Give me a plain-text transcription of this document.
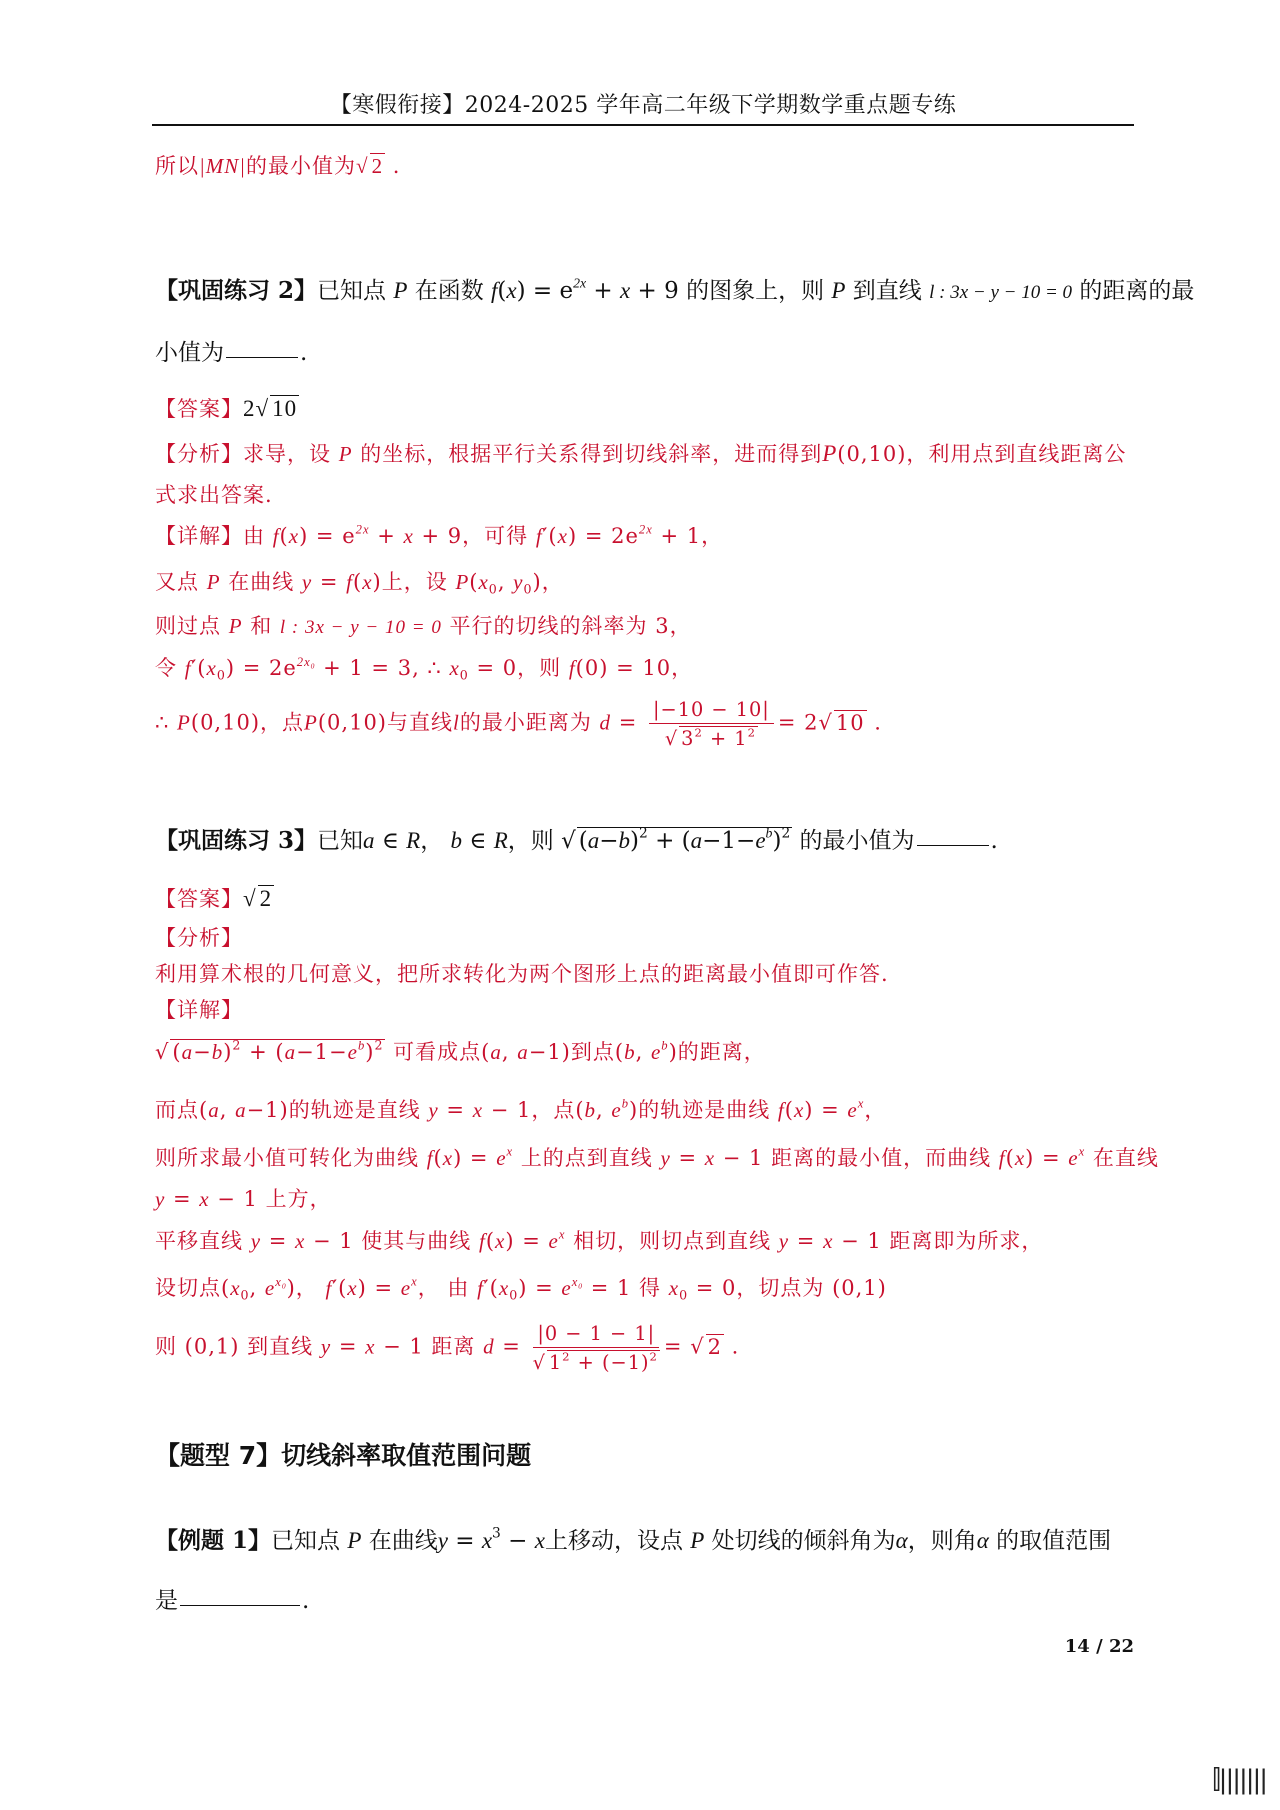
【寒假衔接】2024-2025 学年高二年级下学期数学重点题专练
所以|MN|的最小值为√ 2 .
【巩固练习 2】已知点 P 在函数 $f(x) = e^{2x} + x + 9$ 的图象上，则 P 到直线 l : 3x − y − 10 = 0 的距离的最
小值为	.
【答案】2√ 10
【分析】求导，设 P 的坐标，根据平行关系得到切线斜率，进而得到P(0,10)，利用点到直线距离公
式求出答案.
【详解】由 $f(x) = e^{2x} + x + 9$，可得 $f'(x) = 2e^{2x} + 1$，
又点 P 在曲线 y = f(x)上，设 $P(x_0$, $y_0$)，
则过点 P 和 l : 3x − y − 10 = 0 平行的切线的斜率为 3，
令 $f'(x_0) = 2e^{2x_0} + 1 = 3$, ∴ $x_0 = 0$，则 f(0) = 10，
∴ P(0,10)，点P(0,10)与直线l的最小距离为 $d = \frac{|-10 - 10|}{√ 3^2 + 1^2} = 2√$ 10 .
【巩固练习 3】已知a ∈ R， b ∈ R，则 √ $(a-b)^2 + (a-1-e^b)^2$ 的最小值为	.
【答案】√ 2
【分析】
利用算术根的几何意义，把所求转化为两个图形上点的距离最小值即可作答.
【详解】
√ $(a-b)^2 + (a-1-e^b)^2$ 可看成点(a, a−1)到点(b, $e^b$)的距离，
而点(a, a−1)的轨迹是直线 y = x − 1，点(b, $e^b$)的轨迹是曲线 $f(x) = e^x$，
则所求最小值可转化为曲线 $f(x) = e^x$ 上的点到直线 y = x − 1 距离的最小值，而曲线 $f(x) = e^x$ 在直线
y = x − 1 上方，
平移直线 y = x − 1 使其与曲线 $f(x) = e^x$ 相切，则切点到直线 y = x − 1 距离即为所求，
设切点($x_0$, $e^{x_0}$)， $f'(x) = e^x$， 由 $f'(x_0) = e^{x_0} = 1$ 得 $x_0 = 0$，切点为 (0,1)
则 (0,1) 到直线 y = x − 1 距离 $d = \frac{|0 - 1 - 1|}{√ 1^2 + (-1)^2}$ = √ 2 .
【题型 7】切线斜率取值范围问题
【例题 1】已知点 P 在曲线$y = x^3 - x$上移动，设点 P 处切线的倾斜角为α，则角α 的取值范围
是	.
14 / 22
⫿|||||||
